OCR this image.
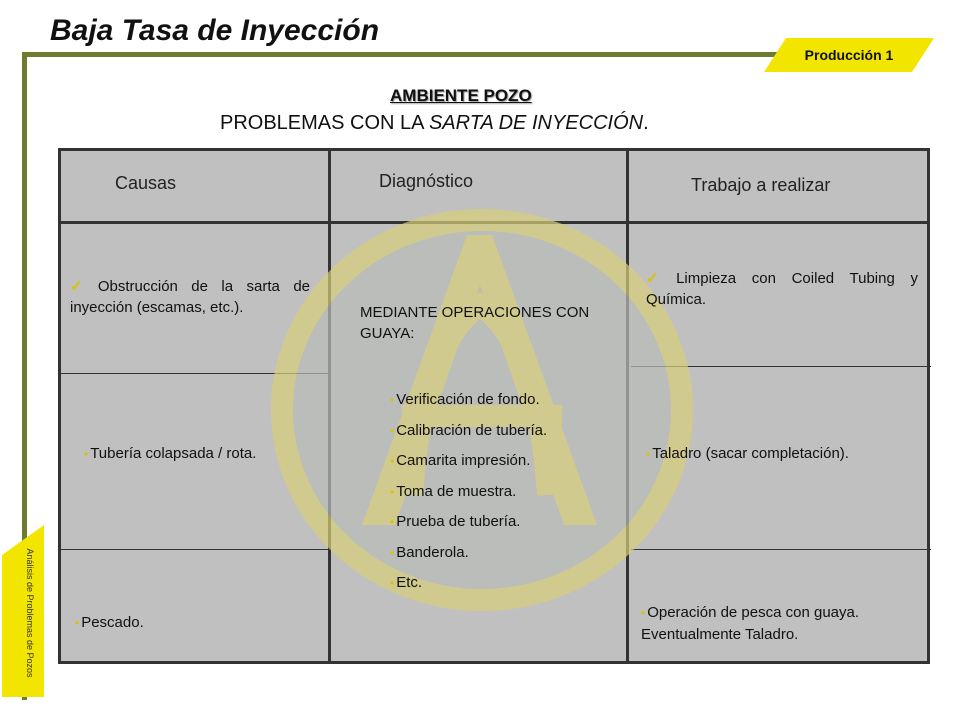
Baja Tasa de Inyección
Producción 1
Análisis de Problemas de Pozos
AMBIENTE POZO
PROBLEMAS CON LA SARTA DE INYECCIÓN.
Causas	Diagnóstico	Trabajo a realizar
✓ Obstrucción de la sarta de inyección (escamas, etc.).
• Tubería colapsada / rota.
• Pescado.
MEDIANTE OPERACIONES CON GUAYA:
• Verificación de fondo.
• Calibración de tubería.
• Camarita impresión.
• Toma de muestra.
• Prueba de tubería.
• Banderola.
• Etc.
✓ Limpieza con Coiled Tubing y Química.
• Taladro (sacar completación).
• Operación de pesca con guaya. Eventualmente Taladro.
